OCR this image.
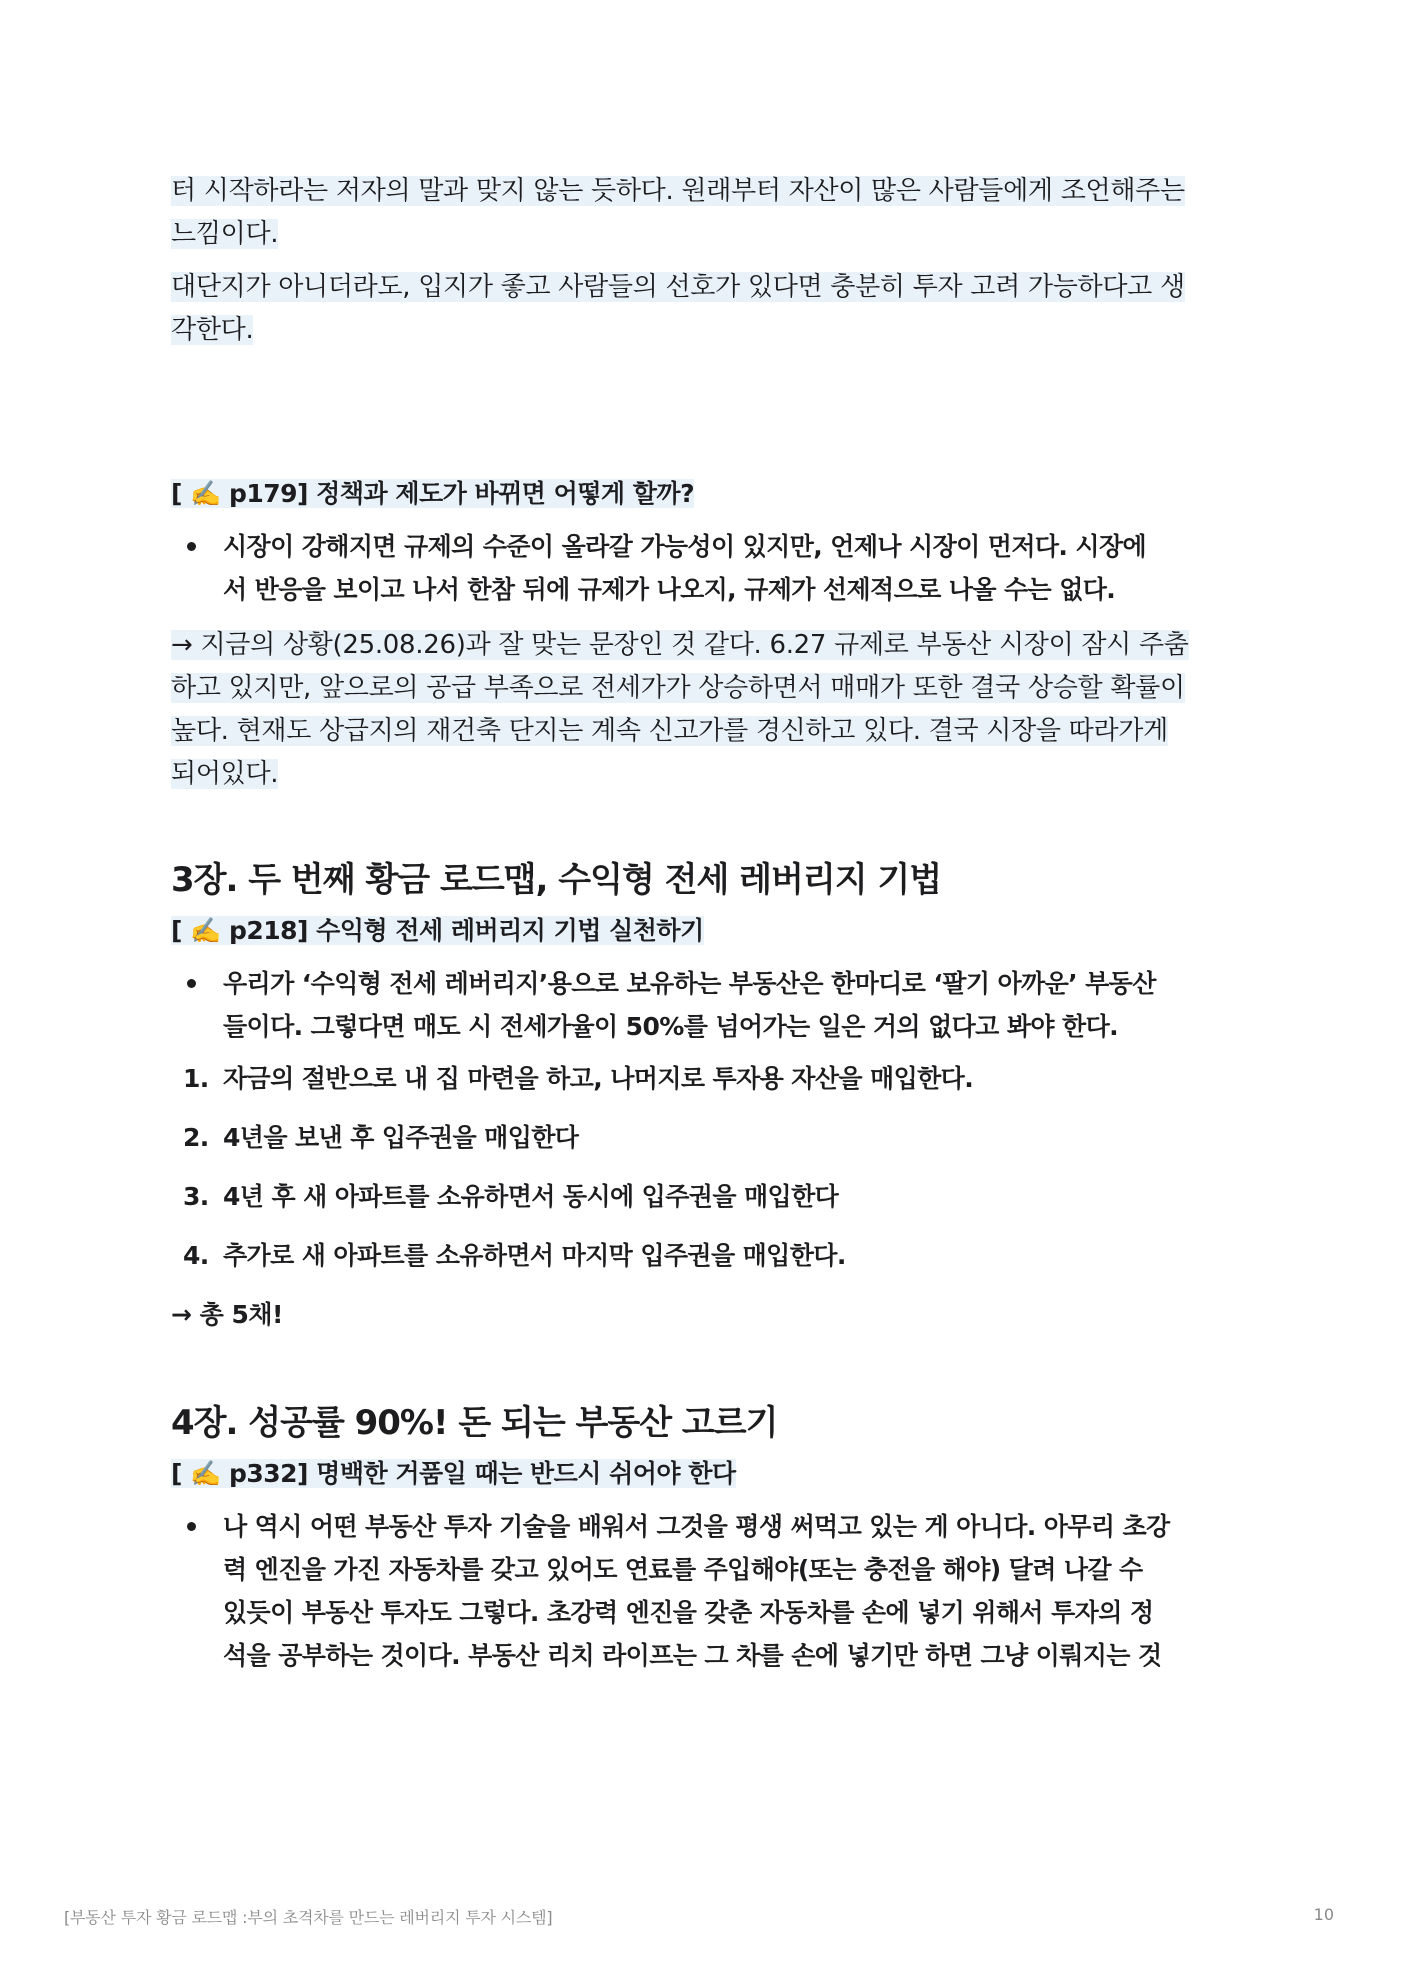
터 시작하라는 저자의 말과 맞지 않는 듯하다. 원래부터 자산이 많은 사람들에게 조언해주는

느낌이다.

대단지가 아니더라도, 입지가 좋고 사람들의 선호가 있다면 충분히 투자 고려 가능하다고 생

각한다.

[ ✍️ p179] 정책과 제도가 바뀌면 어떻게 할까?

시장이 강해지면 규제의 수준이 올라갈 가능성이 있지만, 언제나 시장이 먼저다. 시장에
서 반응을 보이고 나서 한참 뒤에 규제가 나오지, 규제가 선제적으로 나올 수는 없다.

→ 지금의 상황(25.08.26)과 잘 맞는 문장인 것 같다. 6.27 규제로 부동산 시장이 잠시 주춤

하고 있지만, 앞으로의 공급 부족으로 전세가가 상승하면서 매매가 또한 결국 상승할 확률이

높다. 현재도 상급지의 재건축 단지는 계속 신고가를 경신하고 있다. 결국 시장을 따라가게

되어있다.

3장. 두 번째 황금 로드맵, 수익형 전세 레버리지 기법

[ ✍️ p218] 수익형 전세 레버리지 기법 실천하기

우리가 ‘수익형 전세 레버리지’용으로 보유하는 부동산은 한마디로 ‘팔기 아까운’ 부동산
들이다. 그렇다면 매도 시 전세가율이 50%를 넘어가는 일은 거의 없다고 봐야 한다.
1. 자금의 절반으로 내 집 마련을 하고, 나머지로 투자용 자산을 매입한다.
2. 4년을 보낸 후 입주권을 매입한다
3. 4년 후 새 아파트를 소유하면서 동시에 입주권을 매입한다
4. 추가로 새 아파트를 소유하면서 마지막 입주권을 매입한다.
→ 총 5채!
4장. 성공률 90%! 돈 되는 부동산 고르기

[ ✍️ p332] 명백한 거품일 때는 반드시 쉬어야 한다

나 역시 어떤 부동산 투자 기술을 배워서 그것을 평생 써먹고 있는 게 아니다. 아무리 초강
력 엔진을 가진 자동차를 갖고 있어도 연료를 주입해야(또는 충전을 해야) 달려 나갈 수
있듯이 부동산 투자도 그렇다. 초강력 엔진을 갖춘 자동차를 손에 넣기 위해서 투자의 정
석을 공부하는 것이다. 부동산 리치 라이프는 그 차를 손에 넣기만 하면 그냥 이뤄지는 것
[부동산 투자 황금 로드맵 :부의 초격차를 만드는 레버리지 투자 시스템]	10
